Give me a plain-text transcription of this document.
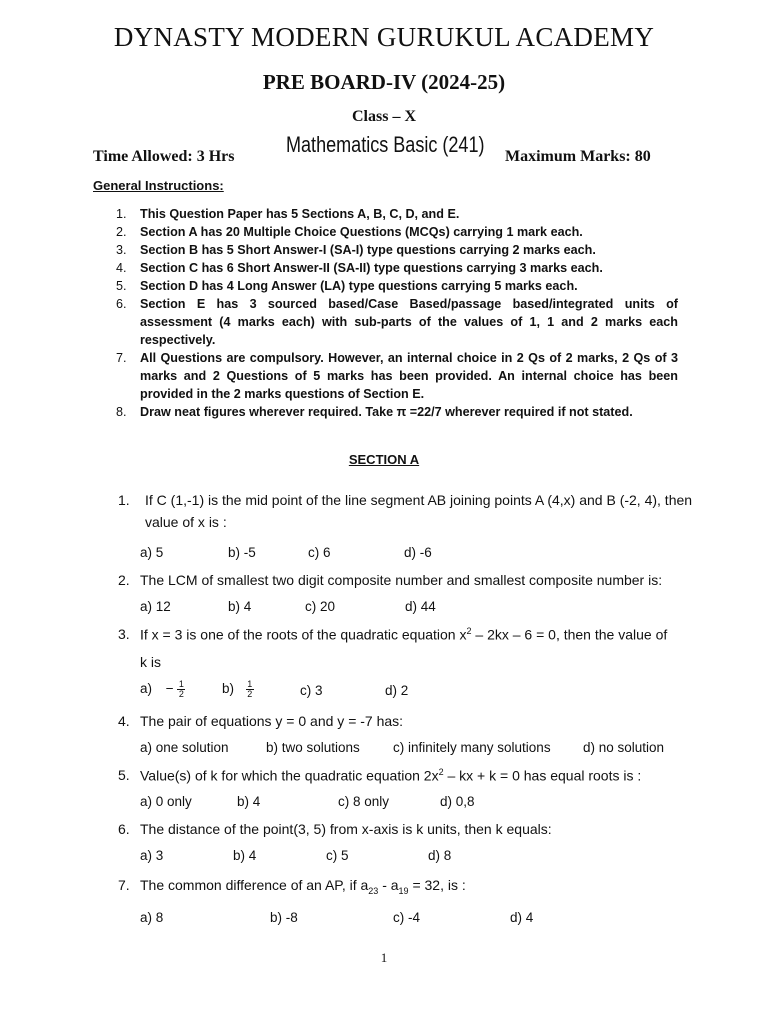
DYNASTY MODERN GURUKUL ACADEMY
PRE BOARD-IV (2024-25)
Class – X
Time Allowed: 3 Hrs Mathematics Basic (241) Maximum Marks: 80
General Instructions:
1. This Question Paper has 5 Sections A, B, C, D, and E.
2. Section A has 20 Multiple Choice Questions (MCQs) carrying 1 mark each.
3. Section B has 5 Short Answer-I (SA-I) type questions carrying 2 marks each.
4. Section C has 6 Short Answer-II (SA-II) type questions carrying 3 marks each.
5. Section D has 4 Long Answer (LA) type questions carrying 5 marks each.
6. Section E has 3 sourced based/Case Based/passage based/integrated units of assessment (4 marks each) with sub-parts of the values of 1, 1 and 2 marks each respectively.
7. All Questions are compulsory. However, an internal choice in 2 Qs of 2 marks, 2 Qs of 3 marks and 2 Questions of 5 marks has been provided. An internal choice has been provided in the 2 marks questions of Section E.
8. Draw neat figures wherever required. Take π =22/7 wherever required if not stated.
SECTION A
1. If C (1,-1) is the mid point of the line segment AB joining points A (4,x) and B (-2, 4), then
value of x is :
a) 5	b) -5	c) 6	d) -6
2. The LCM of smallest two digit composite number and smallest composite number is:
a) 12	b) 4	c) 20	d) 44
3. If x = 3 is one of the roots of the quadratic equation $x^2 - 2kx - 6 = 0$, then the value of
k is
$a) - \frac{1}{2}$	$b) \frac{1}{2}$	c) 3	d) 2
4. The pair of equations y = 0 and y = -7 has:
a) one solution	b) two solutions c) infinitely many solutions d) no solution
5. Value(s) of k for which the quadratic equation $2x^2$ – kx + k = 0 has equal roots is :
a) 0 only	b) 4	c) 8 only	d) 0,8
6. The distance of the point(3, 5) from x-axis is k units, then k equals:
a) 3	b) 4	c) 5	d) 8
7. The common difference of an AP, if $a_{23} - a_{19} = 32$, is :
a) 8	b) -8	c) -4	d) 4
1
